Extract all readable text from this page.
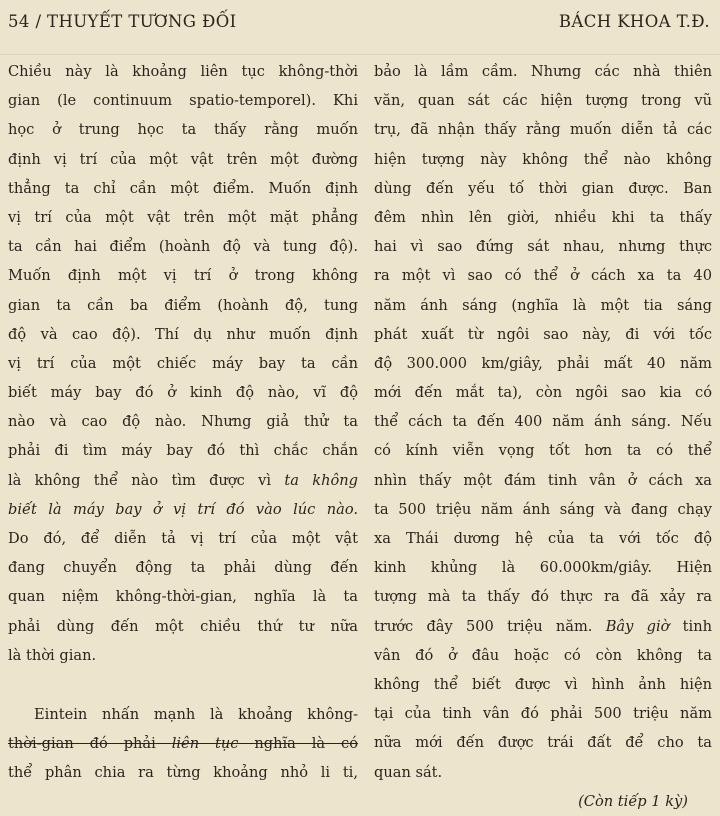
54 / THUYẾT TƯƠNG ĐỐI	BÁCH KHOA T.Đ.
Chiều này là khoảng liên tục không-thời
gian (le continuum spatio-temporel). Khi
học ở trung học ta thấy rằng muốn
định vị trí của một vật trên một đường
thẳng ta chỉ cần một điểm. Muốn định
vị trí của một vật trên một mặt phẳng
ta cần hai điểm (hoành độ và tung độ).
Muốn định một vị trí ở trong không
gian ta cần ba điểm (hoành độ, tung
độ và cao độ). Thí dụ như muốn định
vị trí của một chiếc máy bay ta cần
biết máy bay đó ở kinh độ nào, vĩ độ
nào và cao độ nào. Nhưng giả thử ta
phải đi tìm máy bay đó thì chắc chắn
là không thể nào tìm được vì ta không
biết là máy bay ở vị trí đó vào lúc nào.
Do đó, để diễn tả vị trí của một vật
đang chuyển động ta phải dùng đến
quan niệm không-thời-gian, nghĩa là ta
phải dùng đến một chiều thứ tư nữa
là thời gian.
Eintein nhấn mạnh là khoảng không-
thời-gian đó phải liên tục nghĩa là có
thể phân chia ra từng khoảng nhỏ li ti,
bảo là lầm cầm. Nhưng các nhà thiên
văn, quan sát các hiện tượng trong vũ
trụ, đã nhận thấy rằng muốn diễn tả các
hiện tượng này không thể nào không
dùng đến yếu tố thời gian được. Ban
đêm nhìn lên giời, nhiều khi ta thấy
hai vì sao đứng sát nhau, nhưng thực
ra một vì sao có thể ở cách xa ta 40
năm ánh sáng (nghĩa là một tia sáng
phát xuất từ ngôi sao này, đi với tốc
độ 300.000 km/giây, phải mất 40 năm
mới đến mắt ta), còn ngôi sao kia có
thể cách ta đến 400 năm ánh sáng. Nếu
có kính viễn vọng tốt hơn ta có thể
nhìn thấy một đám tinh vân ở cách xa
ta 500 triệu năm ánh sáng và đang chạy
xa Thái dương hệ của ta với tốc độ
kinh khủng là 60.000km/giây. Hiện
tượng mà ta thấy đó thực ra đã xảy ra
trước đây 500 triệu năm. Bây giờ tinh
vân đó ở đâu hoặc có còn không ta
không thể biết được vì hình ảnh hiện
tại của tinh vân đó phải 500 triệu năm
nữa mới đến được trái đất để cho ta
quan sát.
(Còn tiếp 1 kỳ)
